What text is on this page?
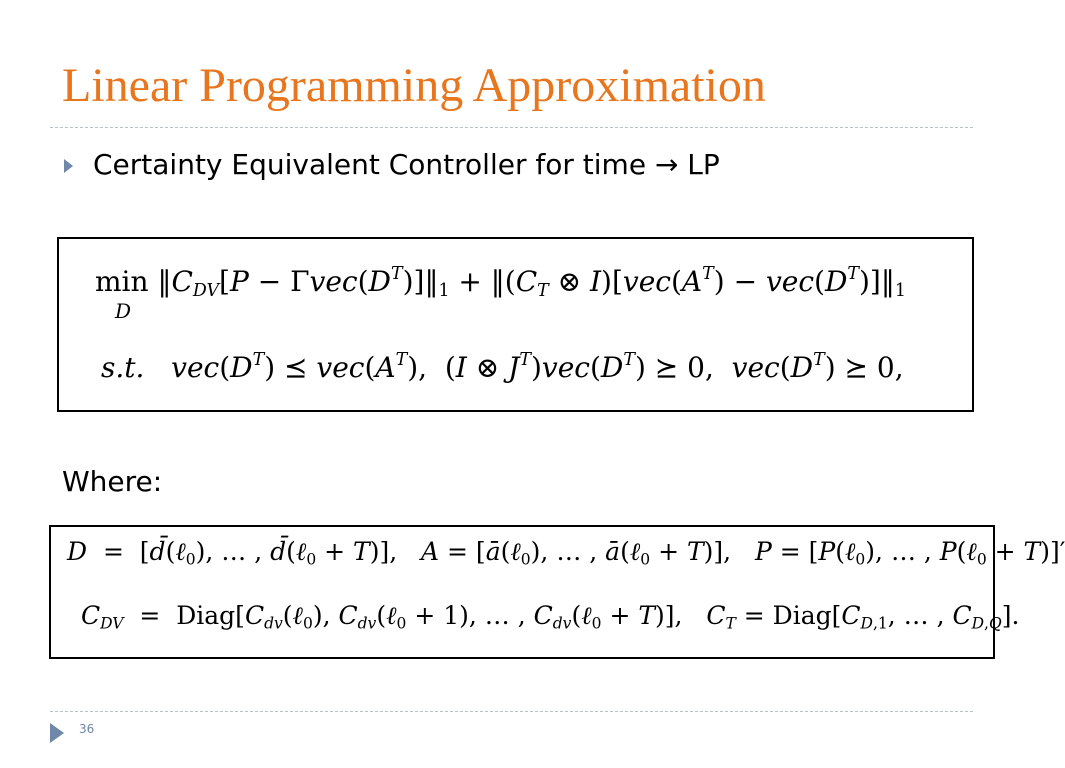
Linear Programming Approximation
Certainty Equivalent Controller for time → LP
$\min ‖C_{DV}[P$ − $\Gamma vec(D^T)]‖_1$ + $‖(C_T$ ⊗ $I)[vec(A^T)$ − $vec(D^T)]‖_1$
D
s.t. $vec(D^T)$ ⪯ $vec(A^T)$,  (I ⊗ $J^T)vec(D^T)$ ⪰ 0,  $vec(D^T)$ ⪰ 0,
Where:
D  =  [d̄(ℓ$_0$), … , d̄(ℓ$_0$ + T)],   A = [ā(ℓ$_0$), … , ā(ℓ$_0$ + T)],   P = [P(ℓ$_0$), … , P(ℓ$_0$ + T)]′
$C_{DV}$  =  $Diag[C_{dv}(\ell_0)$, $C_{dv}(\ell_0 + 1)$, … , $C_{dv}(\ell_0 + T)$],   $C_T$ = $Diag[C_{D,1}$, … , $C_{D,Q}$].
36
